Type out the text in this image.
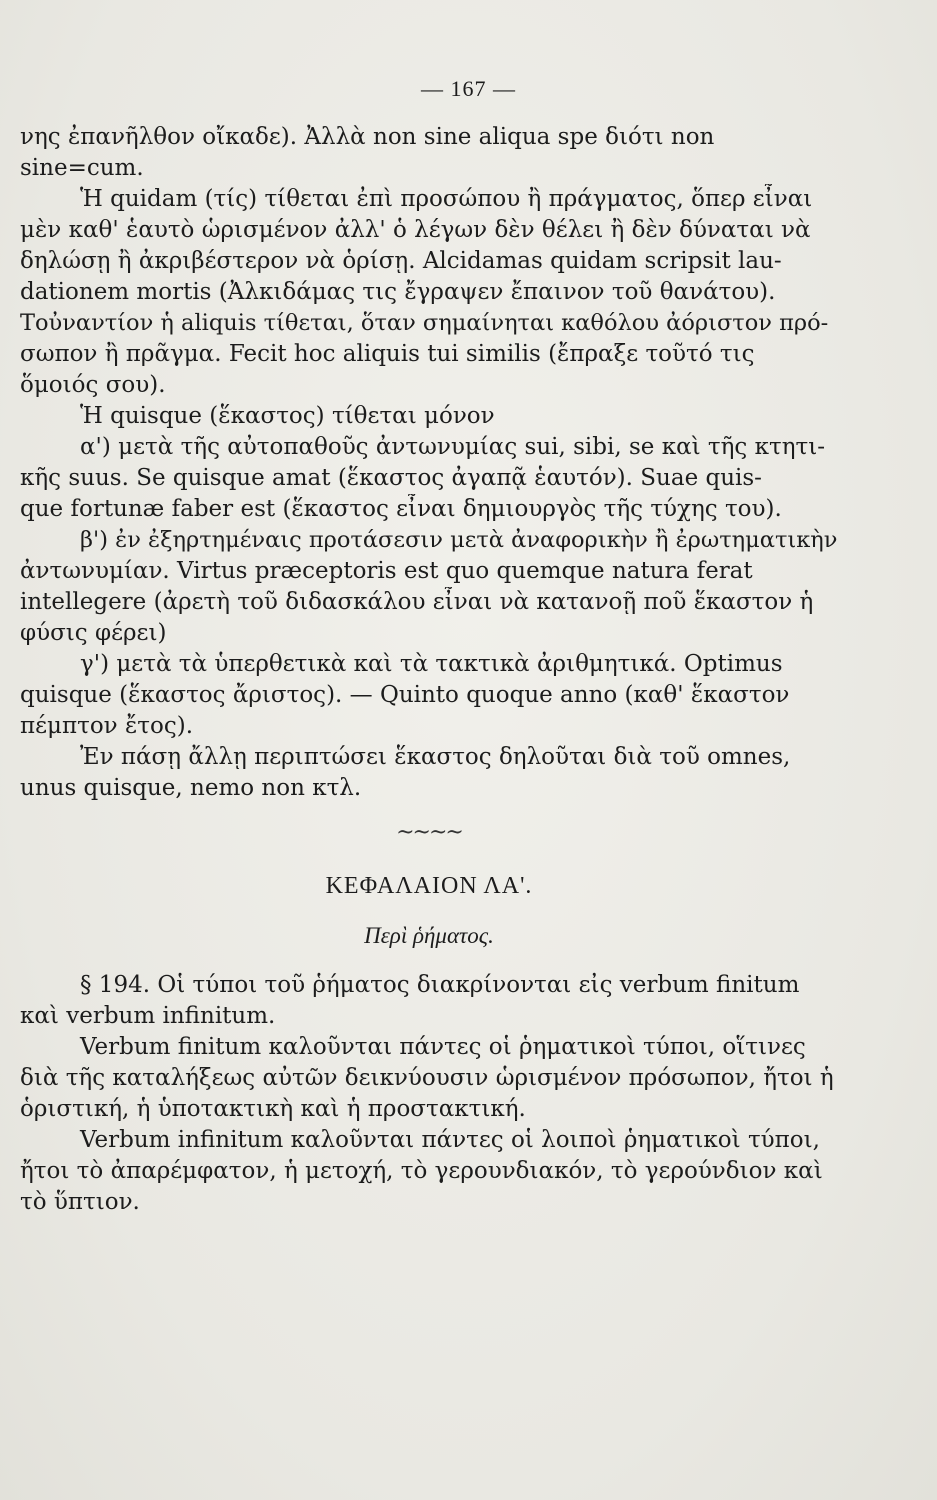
— 167 —
νης ἐπανῆλθον οἴκαδε). Ἀλλὰ non sine aliqua spe διότι non
sine=cum.
Ἡ quidam (τίς) τίθεται ἐπὶ προσώπου ἢ πράγματος, ὅπερ εἶναι
μὲν καθ' ἑαυτὸ ὡρισμένον ἀλλ' ὁ λέγων δὲν θέλει ἢ δὲν δύναται νὰ
δηλώσῃ ἢ ἀκριβέστερον νὰ ὁρίσῃ. Alcidamas quidam scripsit lau-
dationem mortis (Ἀλκιδάμας τις ἔγραψεν ἔπαινον τοῦ θανάτου).
Τοὐναντίον ἡ aliquis τίθεται, ὅταν σημαίνηται καθόλου ἀόριστον πρό-
σωπον ἢ πρᾶγμα. Fecit hoc aliquis tui similis (ἔπραξε τοῦτό τις
ὅμοιός σου).
Ἡ quisque (ἕκαστος) τίθεται μόνον
α') μετὰ τῆς αὐτοπαθοῦς ἀντωνυμίας sui, sibi, se καὶ τῆς κτητι-
κῆς suus. Se quisque amat (ἕκαστος ἀγαπᾷ ἑαυτόν). Suae quis-
que fortunæ faber est (ἕκαστος εἶναι δημιουργὸς τῆς τύχης του).
β') ἐν ἐξηρτημέναις προτάσεσιν μετὰ ἀναφορικὴν ἢ ἐρωτηματικὴν
ἀντωνυμίαν. Virtus præceptoris est quo quemque natura ferat
intellegere (ἀρετὴ τοῦ διδασκάλου εἶναι νὰ κατανοῇ ποῦ ἕκαστον ἡ
φύσις φέρει)
γ') μετὰ τὰ ὑπερθετικὰ καὶ τὰ τακτικὰ ἀριθμητικά. Optimus
quisque (ἕκαστος ἄριστος). — Quinto quoque anno (καθ' ἕκαστον
πέμπτον ἔτος).
Ἐν πάσῃ ἄλλῃ περιπτώσει ἕκαστος δηλοῦται διὰ τοῦ omnes,
unus quisque, nemo non κτλ.
~~~~
ΚΕΦΑΛΑΙΟΝ ΛΑ'.
Περὶ ῥήματος.
§ 194. Οἱ τύποι τοῦ ῥήματος διακρίνονται εἰς verbum finitum
καὶ verbum infinitum.
Verbum finitum καλοῦνται πάντες οἱ ῥηματικοὶ τύποι, οἵτινες
διὰ τῆς καταλήξεως αὐτῶν δεικνύουσιν ὡρισμένον πρόσωπον, ἤτοι ἡ
ὁριστική, ἡ ὑποτακτικὴ καὶ ἡ προστακτική.
Verbum infinitum καλοῦνται πάντες οἱ λοιποὶ ῥηματικοὶ τύποι,
ἤτοι τὸ ἀπαρέμφατον, ἡ μετοχή, τὸ γερουνδιακόν, τὸ γερούνδιον καὶ
τὸ ὕπτιον.
